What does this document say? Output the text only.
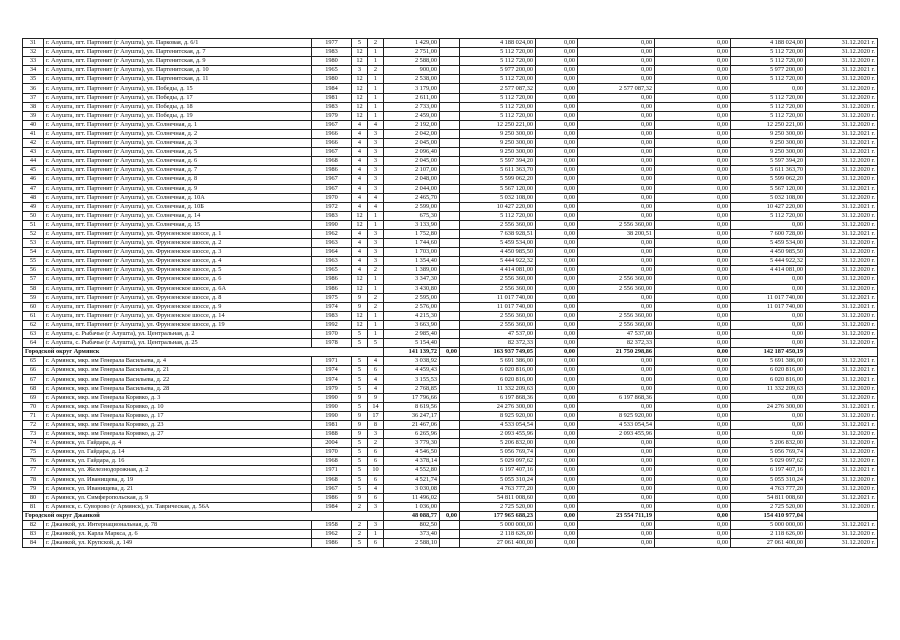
31	г. Алушта, пгт. Партенит (г Алушта), ул. Парковая, д. 6/1	1977	5	2	1 429,00		4 188 024,00	0,00	0,00	0,00	4 188 024,00	31.12.2021 г.
32	г. Алушта, пгт. Партенит (г Алушта), ул. Партенитская, д. 7	1983	12	1	2 751,00		5 112 720,00	0,00	0,00	0,00	5 112 720,00	31.12.2020 г.
33	г. Алушта, пгт. Партенит (г Алушта), ул. Партенитская, д. 9	1980	12	1	2 588,00		5 112 720,00	0,00	0,00	0,00	5 112 720,00	31.12.2020 г.
34	г. Алушта, пгт. Партенит (г Алушта), ул. Партенитская, д. 10	1965	3	2	900,00		5 977 200,00	0,00	0,00	0,00	5 977 200,00	31.12.2021 г.
35	г. Алушта, пгт. Партенит (г Алушта), ул. Партенитская, д. 11	1980	12	1	2 538,00		5 112 720,00	0,00	0,00	0,00	5 112 720,00	31.12.2020 г.
36	г. Алушта, пгт. Партенит (г Алушта), ул. Победы, д. 15	1984	12	1	3 179,00		2 577 087,32	0,00	2 577 087,32	0,00	0,00	31.12.2020 г.
37	г. Алушта, пгт. Партенит (г Алушта), ул. Победы, д. 17	1981	12	1	2 611,00		5 112 720,00	0,00	0,00	0,00	5 112 720,00	31.12.2020 г.
38	г. Алушта, пгт. Партенит (г Алушта), ул. Победы, д. 18	1983	12	1	2 733,00		5 112 720,00	0,00	0,00	0,00	5 112 720,00	31.12.2020 г.
39	г. Алушта, пгт. Партенит (г Алушта), ул. Победы, д. 19	1979	12	1	2 459,00		5 112 720,00	0,00	0,00	0,00	5 112 720,00	31.12.2020 г.
40	г. Алушта, пгт. Партенит (г Алушта), ул. Солнечная, д. 1	1967	4	4	2 192,00		12 250 221,00	0,00	0,00	0,00	12 250 221,00	31.12.2020 г.
41	г. Алушта, пгт. Партенит (г Алушта), ул. Солнечная, д. 2	1966	4	3	2 042,00		9 250 300,00	0,00	0,00	0,00	9 250 300,00	31.12.2021 г.
42	г. Алушта, пгт. Партенит (г Алушта), ул. Солнечная, д. 3	1966	4	3	2 045,00		9 250 300,00	0,00	0,00	0,00	9 250 300,00	31.12.2021 г.
43	г. Алушта, пгт. Партенит (г Алушта), ул. Солнечная, д. 5	1967	4	3	2 096,40		9 250 300,00	0,00	0,00	0,00	9 250 300,00	31.12.2021 г.
44	г. Алушта, пгт. Партенит (г Алушта), ул. Солнечная, д. 6	1968	4	3	2 045,00		5 597 394,20	0,00	0,00	0,00	5 597 394,20	31.12.2020 г.
45	г. Алушта, пгт. Партенит (г Алушта), ул. Солнечная, д. 7	1986	4	3	2 107,00		5 611 363,70	0,00	0,00	0,00	5 611 363,70	31.12.2020 г.
46	г. Алушта, пгт. Партенит (г Алушта), ул. Солнечная, д. 8	1967	4	3	2 048,00		5 599 062,20	0,00	0,00	0,00	5 599 062,20	31.12.2020 г.
47	г. Алушта, пгт. Партенит (г Алушта), ул. Солнечная, д. 9	1967	4	3	2 044,00		5 567 120,00	0,00	0,00	0,00	5 567 120,00	31.12.2021 г.
48	г. Алушта, пгт. Партенит (г Алушта), ул. Солнечная, д. 10А	1970	4	4	2 465,70		5 032 108,00	0,00	0,00	0,00	5 032 108,00	31.12.2020 г.
49	г. Алушта, пгт. Партенит (г Алушта), ул. Солнечная, д. 10Б	1972	4	4	2 599,00		10 427 220,00	0,00	0,00	0,00	10 427 220,00	31.12.2021 г.
50	г. Алушта, пгт. Партенит (г Алушта), ул. Солнечная, д. 14	1983	12	1	675,30		5 112 720,00	0,00	0,00	0,00	5 112 720,00	31.12.2020 г.
51	г. Алушта, пгт. Партенит (г Алушта), ул. Солнечная, д. 15	1990	12	1	3 133,90		2 556 360,00	0,00	2 556 360,00	0,00	0,00	31.12.2020 г.
52	г. Алушта, пгт. Партенит (г Алушта), ул. Фрунзенское шоссе, д. 1	1962	4	3	1 752,80		7 638 928,51	0,00	38 200,51	0,00	7 600 728,00	31.12.2021 г.
53	г. Алушта, пгт. Партенит (г Алушта), ул. Фрунзенское шоссе, д. 2	1963	4	3	1 744,60		5 459 534,00	0,00	0,00	0,00	5 459 534,00	31.12.2020 г.
54	г. Алушта, пгт. Партенит (г Алушта), ул. Фрунзенское шоссе, д. 3	1964	4	3	1 703,00		4 450 985,50	0,00	0,00	0,00	4 450 985,50	31.12.2020 г.
55	г. Алушта, пгт. Партенит (г Алушта), ул. Фрунзенское шоссе, д. 4	1963	4	3	1 354,40		5 444 922,32	0,00	0,00	0,00	5 444 922,32	31.12.2020 г.
56	г. Алушта, пгт. Партенит (г Алушта), ул. Фрунзенское шоссе, д. 5	1965	4	2	1 389,00		4 414 081,00	0,00	0,00	0,00	4 414 081,00	31.12.2020 г.
57	г. Алушта, пгт. Партенит (г Алушта), ул. Фрунзенское шоссе, д. 6	1986	12	1	3 347,30		2 556 360,00	0,00	2 556 360,00	0,00	0,00	31.12.2020 г.
58	г. Алушта, пгт. Партенит (г Алушта), ул. Фрунзенское шоссе, д. 6А	1986	12	1	3 430,80		2 556 360,00	0,00	2 556 360,00	0,00	0,00	31.12.2020 г.
59	г. Алушта, пгт. Партенит (г Алушта), ул. Фрунзенское шоссе, д. 8	1975	9	2	2 595,00		11 017 740,00	0,00	0,00	0,00	11 017 740,00	31.12.2021 г.
60	г. Алушта, пгт. Партенит (г Алушта), ул. Фрунзенское шоссе, д. 9	1974	9	2	2 576,00		11 017 740,00	0,00	0,00	0,00	11 017 740,00	31.12.2021 г.
61	г. Алушта, пгт. Партенит (г Алушта), ул. Фрунзенское шоссе, д. 14	1983	12	1	4 215,30		2 556 360,00	0,00	2 556 360,00	0,00	0,00	31.12.2020 г.
62	г. Алушта, пгт. Партенит (г Алушта), ул. Фрунзенское шоссе, д. 19	1992	12	1	3 663,90		2 556 360,00	0,00	2 556 360,00	0,00	0,00	31.12.2020 г.
63	г. Алушта, с. Рыбачье (г Алушта), ул. Центральная, д. 2	1970	5	1	2 985,40		47 537,00	0,00	47 537,00	0,00	0,00	31.12.2020 г.
64	г. Алушта, с. Рыбачье (г Алушта), ул. Центральная, д. 25	1978	5	5	5 154,40		82 372,33	0,00	82 372,33	0,00	0,00	31.12.2020 г.
Городской округ Армянск					141 139,72	0,00	163 937 749,05	0,00	21 750 298,86	0,00	142 187 450,19	
65	г. Армянск, мкр. им Генерала Васильева, д. 4	1971	5	4	3 038,92		5 691 386,00	0,00	0,00	0,00	5 691 386,00	31.12.2021 г.
66	г. Армянск, мкр. им Генерала Васильева, д. 21	1974	5	6	4 459,43		6 020 816,00	0,00	0,00	0,00	6 020 816,00	31.12.2021 г.
67	г. Армянск, мкр. им Генерала Васильева, д. 22	1974	5	4	3 155,53		6 020 816,00	0,00	0,00	0,00	6 020 816,00	31.12.2021 г.
68	г. Армянск, мкр. им Генерала Васильева, д. 28	1979	5	4	2 768,85		11 332 209,63	0,00	0,00	0,00	11 332 209,63	31.12.2020 г.
69	г. Армянск, мкр. им Генерала Корявко, д. 3	1990	9	9	17 796,66		6 197 868,36	0,00	6 197 868,36	0,00	0,00	31.12.2020 г.
70	г. Армянск, мкр. им Генерала Корявко, д. 10	1990	5	14	8 619,56		24 276 300,00	0,00	0,00	0,00	24 276 300,00	31.12.2021 г.
71	г. Армянск, мкр. им Генерала Корявко, д. 17	1990	9	17	36 247,17		8 925 920,00	0,00	8 925 920,00	0,00	0,00	31.12.2020 г.
72	г. Армянск, мкр. им Генерала Корявко, д. 23	1981	9	8	21 467,06		4 533 054,54	0,00	4 533 054,54	0,00	0,00	31.12.2021 г.
73	г. Армянск, мкр. им Генерала Корявко, д. 27	1988	9	3	6 265,96		2 093 455,96	0,00	2 093 455,96	0,00	0,00	31.12.2020 г.
74	г. Армянск, ул. Гайдара, д. 4	2004	5	2	3 779,30		5 206 832,00	0,00	0,00	0,00	5 206 832,00	31.12.2020 г.
75	г. Армянск, ул. Гайдара, д. 14	1970	5	6	4 546,50		5 056 769,74	0,00	0,00	0,00	5 056 769,74	31.12.2020 г.
76	г. Армянск, ул. Гайдара, д. 16	1968	5	6	4 378,14		5 029 097,62	0,00	0,00	0,00	5 029 097,62	31.12.2020 г.
77	г. Армянск, ул. Железнодорожная, д. 2	1971	5	10	4 552,80		6 197 407,16	0,00	0,00	0,00	6 197 407,16	31.12.2021 г.
78	г. Армянск, ул. Иванищева, д. 19	1968	5	6	4 521,74		5 055 310,24	0,00	0,00	0,00	5 055 310,24	31.12.2020 г.
79	г. Армянск, ул. Иванищева, д. 21	1967	5	4	3 030,08		4 763 777,20	0,00	0,00	0,00	4 763 777,20	31.12.2020 г.
80	г. Армянск, ул. Симферопольская, д. 9	1986	9	6	11 496,02		54 811 008,60	0,00	0,00	0,00	54 811 008,60	31.12.2021 г.
81	г. Армянск, с. Суворово (г Армянск), ул. Таврическая, д. 56А	1984	2	3	1 036,00		2 725 520,00	0,00	0,00	0,00	2 725 520,00	31.12.2020 г.
Городской округ Джанкой					48 088,77	0,00	177 965 688,23	0,00	23 554 711,19	0,00	154 410 977,04	
82	г. Джанкой, ул. Интернациональная, д. 78	1958	2	3	802,50		5 000 000,00	0,00	0,00	0,00	5 000 000,00	31.12.2021 г.
83	г. Джанкой, ул. Карла Маркса, д. 6	1962	2	1	373,40		2 118 626,00	0,00	0,00	0,00	2 118 626,00	31.12.2020 г.
84	г. Джанкой, ул. Крупской, д. 149	1986	5	6	2 588,10		27 061 400,00	0,00	0,00	0,00	27 061 400,00	31.12.2020 г.
